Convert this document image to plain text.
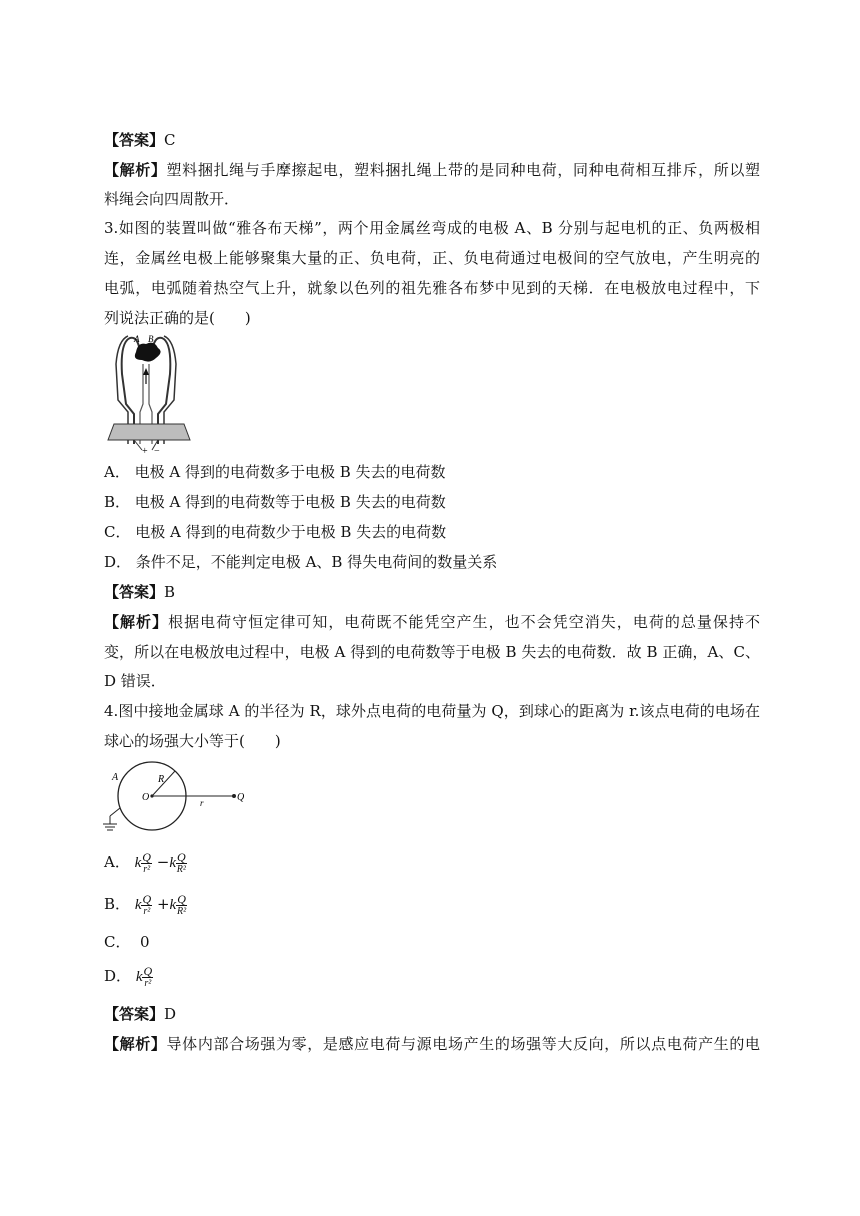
【答案】C
【解析】塑料捆扎绳与手摩擦起电，塑料捆扎绳上带的是同种电荷，同种电荷相互排斥，所以塑
料绳会向四周散开．
3.如图的装置叫做“雅各布天梯”，两个用金属丝弯成的电极 A、B 分别与起电机的正、负两极相
连，金属丝电极上能够聚集大量的正、负电荷，正、负电荷通过电极间的空气放电，产生明亮的
电弧，电弧随着热空气上升，就象以色列的祖先雅各布梦中见到的天梯．在电极放电过程中，下
列说法正确的是(　　)
A B
+ −
A． 电极 A 得到的电荷数多于电极 B 失去的电荷数
B． 电极 A 得到的电荷数等于电极 B 失去的电荷数
C． 电极 A 得到的电荷数少于电极 B 失去的电荷数
D． 条件不足，不能判定电极 A、B 得失电荷间的数量关系
【答案】B
【解析】根据电荷守恒定律可知，电荷既不能凭空产生，也不会凭空消失，电荷的总量保持不
变，所以在电极放电过程中，电极 A 得到的电荷数等于电极 B 失去的电荷数．故 B 正确，A、C、
D 错误．
4.图中接地金属球 A 的半径为 R，球外点电荷的电荷量为 Q，到球心的距离为 r.该点电荷的电场在
球心的场强大小等于(　　)
A	R
O	r	Q
A． k $\frac{Q}{\text{r²}} -k \frac{Q}{\text{R²}}$
B． k $\frac{Q}{\text{r²}} +k \frac{Q}{\text{R²}}$
C． 0
D． k $\frac{Q}{\text{r²}}$
【答案】D
【解析】导体内部合场强为零，是感应电荷与源电场产生的场强等大反向，所以点电荷产生的电
